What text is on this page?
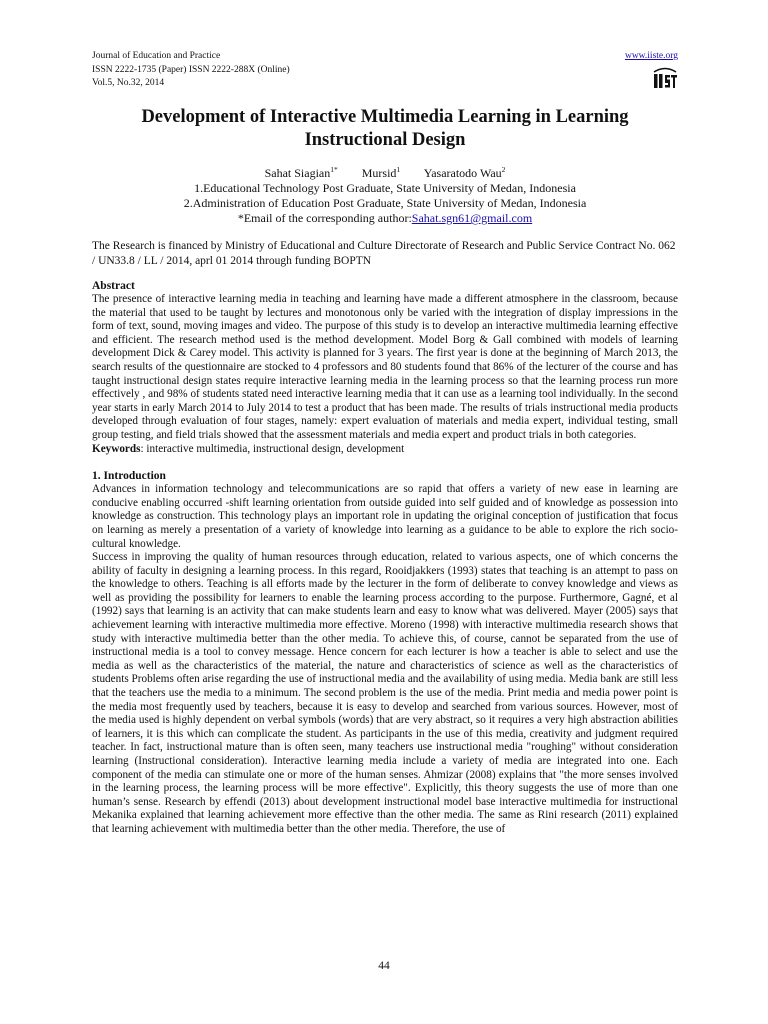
Journal of Education and Practice
ISSN 2222-1735 (Paper) ISSN 2222-288X (Online)
Vol.5, No.32, 2014
www.iiste.org
Development of Interactive Multimedia Learning in Learning Instructional Design
Sahat Siagian$^{1*}$ Mursid$^1$ Yasaratodo Wau$^2$
1.Educational Technology Post Graduate, State University of Medan, Indonesia
2.Administration of Education Post Graduate, State University of Medan, Indonesia
*Email of the corresponding author:Sahat.sgn61@gmail.com
The Research is financed by Ministry of Educational and Culture Directorate of Research and Public Service Contract No. 062 / UN33.8 / LL / 2014, aprl 01 2014 through funding BOPTN
Abstract

The presence of interactive learning media in teaching and learning have made a different atmosphere in the classroom, because the material that used to be taught by lectures and monotonous only be varied with the integration of display impressions in the form of text, sound, moving images and video. The purpose of this study is to develop an interactive multimedia learning effective and efficient. The research method used is the method development. Model Borg & Gall combined with models of learning development Dick & Carey model. This activity is planned for 3 years. The first year is done at the beginning of March 2013, the search results of the questionnaire are stocked to 4 professors and 80 students found that 86% of the lecturer of the course and has taught instructional design states require interactive learning media in the learning process so that the learning process run more effectively , and 98% of students stated need interactive learning media that it can use as a learning tool individually. In the second year starts in early March 2014 to July 2014 to test a product that has been made. The results of trials instructional media products developed through evaluation of four stages, namely: expert evaluation of materials and media expert, individual testing, small group testing, and field trials showed that the assessment materials and media expert and product trials in both categories.

Keywords: interactive multimedia, instructional design, development

1. Introduction

Advances in information technology and telecommunications are so rapid that offers a variety of new ease in learning are conducive enabling occurred -shift learning orientation from outside guided into self guided and of knowledge as possession into knowledge as construction. This technology plays an important role in updating the original conception of justification that focus on learning as merely a presentation of a variety of knowledge into learning as a guidance to be able to explore the rich socio-cultural knowledge.

Success in improving the quality of human resources through education, related to various aspects, one of which concerns the ability of faculty in designing a learning process. In this regard, Rooidjakkers (1993) states that teaching is an attempt to pass on the knowledge to others. Teaching is all efforts made by the lecturer in the form of deliberate to convey knowledge and views as well as providing the possibility for learners to enable the learning process according to the purpose. Furthermore, Gagné, et al (1992) says that learning is an activity that can make students learn and easy to know what was delivered. Mayer (2005) says that achievement learning with interactive multimedia more effective. Moreno (1998) with interactive multimedia research shows that study with interactive multimedia better than the other media. To achieve this, of course, cannot be separated from the use of instructional media is a tool to convey message. Hence concern for each lecturer is how a teacher is able to select and use the media as well as the characteristics of the material, the nature and characteristics of science as well as the characteristics of students Problems often arise regarding the use of instructional media and the availability of using media. Media bank are still less that the teachers use the media to a minimum. The second problem is the use of the media. Print media and media power point is the media most frequently used by teachers, because it is easy to develop and searched from various sources. However, most of the media used is highly dependent on verbal symbols (words) that are very abstract, so it requires a very high abstraction abilities of learners, it is this which can complicate the student. As participants in the use of this media, creativity and judgment required teacher. In fact, instructional mature than is often seen, many teachers use instructional media "roughing" without consideration learning (Instructional consideration). Interactive learning media include a variety of media are integrated into one. Each component of the media can stimulate one or more of the human senses. Ahmizar (2008) explains that "the more senses involved in the learning process, the learning process will be more effective". Explicitly, this theory suggests the use of more than one human’s sense. Research by effendi (2013) about development instructional model base interactive multimedia for instructional Mekanika explained that learning achievement more effective than the other media. The same as Rini research (2011) explained that learning achievement with multimedia better than the other media. Therefore, the use of

44
